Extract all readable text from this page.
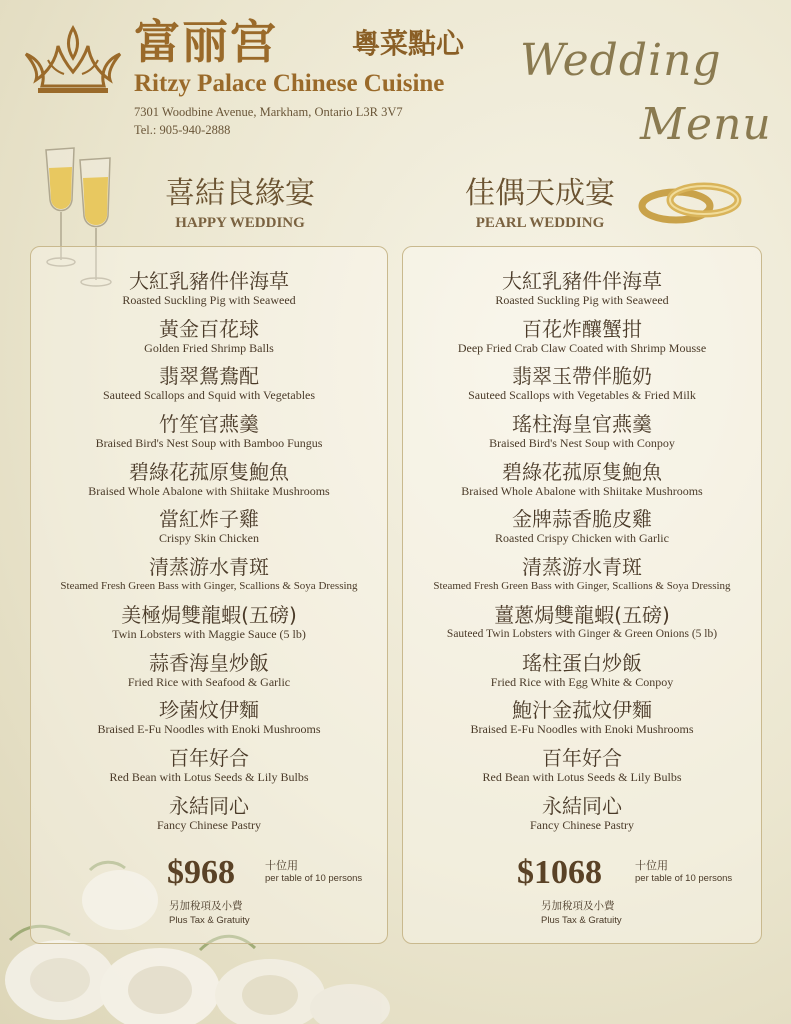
富丽宫	粵菜點心
Ritzy Palace Chinese Cuisine
7301 Woodbine Avenue, Markham, Ontario L3R 3V7
Tel.: 905-940-2888
Wedding
Menu
喜結良緣宴
HAPPY WEDDING
佳偶天成宴
PEARL WEDDING
大紅乳豬件伴海草
Roasted Suckling Pig with Seaweed
黃金百花球
Golden Fried Shrimp Balls
翡翠鴛鴦配
Sauteed Scallops and Squid with Vegetables
竹笙官燕羹
Braised Bird's Nest Soup with Bamboo Fungus
碧綠花菰原隻鮑魚
Braised Whole Abalone with Shiitake Mushrooms
當紅炸子雞
Crispy Skin Chicken
清蒸游水青斑
Steamed Fresh Green Bass with Ginger, Scallions & Soya Dressing
美極焗雙龍蝦(五磅)
Twin Lobsters with Maggie Sauce (5 lb)
蒜香海皇炒飯
Fried Rice with Seafood & Garlic
珍菌炆伊麵
Braised E-Fu Noodles with Enoki Mushrooms
百年好合
Red Bean with Lotus Seeds & Lily Bulbs
永結同心
Fancy Chinese Pastry
$968	十位用
per table of 10 persons
另加稅項及小費
Plus Tax & Gratuity
大紅乳豬件伴海草
Roasted Suckling Pig with Seaweed
百花炸釀蟹拑
Deep Fried Crab Claw Coated with Shrimp Mousse
翡翠玉帶伴脆奶
Sauteed Scallops with Vegetables & Fried Milk
瑤柱海皇官燕羹
Braised Bird's Nest Soup with Conpoy
碧綠花菰原隻鮑魚
Braised Whole Abalone with Shiitake Mushrooms
金牌蒜香脆皮雞
Roasted Crispy Chicken with Garlic
清蒸游水青斑
Steamed Fresh Green Bass with Ginger, Scallions & Soya Dressing
薑蔥焗雙龍蝦(五磅)
Sauteed Twin Lobsters with Ginger & Green Onions (5 lb)
瑤柱蛋白炒飯
Fried Rice with Egg White & Conpoy
鮑汁金菰炆伊麵
Braised E-Fu Noodles with Enoki Mushrooms
百年好合
Red Bean with Lotus Seeds & Lily Bulbs
永結同心
Fancy Chinese Pastry
$1068	十位用
per table of 10 persons
另加稅項及小費
Plus Tax & Gratuity
